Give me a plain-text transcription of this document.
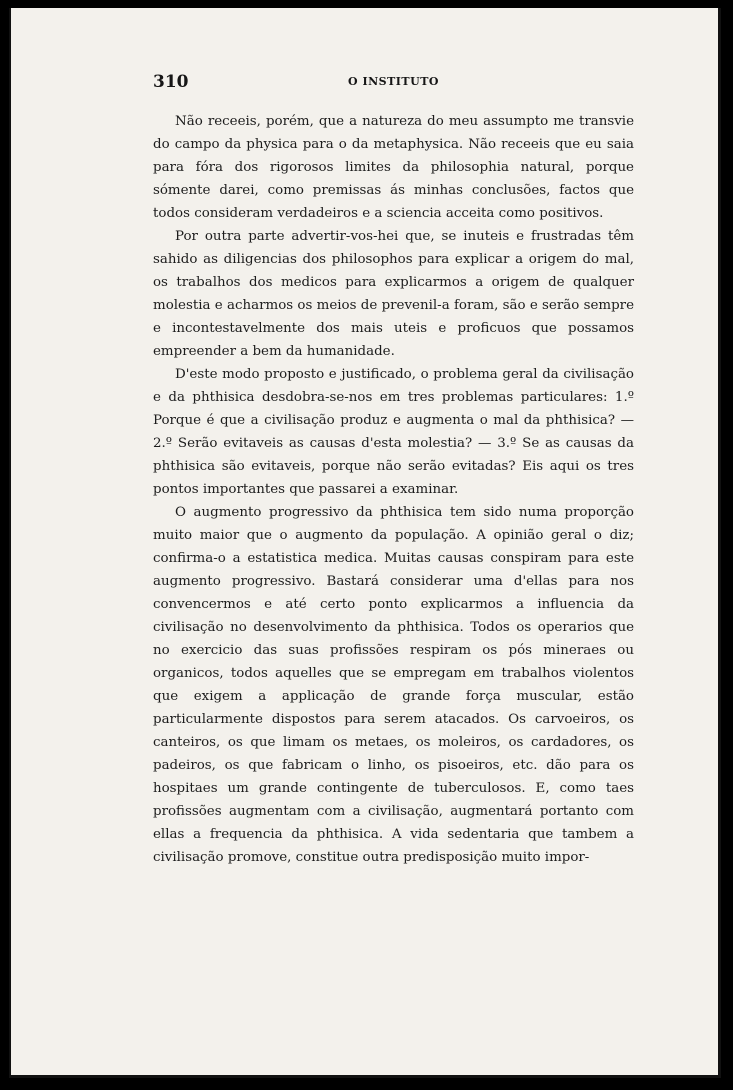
310	O INSTITUTO

Não receeis, porém, que a natureza do meu assumpto me transvie do campo da physica para o da metaphysica. Não receeis que eu saia para fóra dos rigorosos limites da philosophia natural, porque sómente darei, como premissas ás minhas conclusões, factos que todos consideram verdadeiros e a sciencia acceita como positivos.

Por outra parte advertir-vos-hei que, se inuteis e frustradas têm sahido as diligencias dos philosophos para explicar a origem do mal, os trabalhos dos medicos para explicarmos a origem de qualquer molestia e acharmos os meios de prevenil-a foram, são e serão sempre e incontestavelmente dos mais uteis e proficuos que possamos empreender a bem da humanidade.

D'este modo proposto e justificado, o problema geral da civilisação e da phthisica desdobra-se-nos em tres problemas particulares: 1.º Porque é que a civilisação produz e augmenta o mal da phthisica? — 2.º Serão evitaveis as causas d'esta molestia? — 3.º Se as causas da phthisica são evitaveis, porque não serão evitadas? Eis aqui os tres pontos importantes que passarei a examinar.

O augmento progressivo da phthisica tem sido numa proporção muito maior que o augmento da população. A opinião geral o diz; confirma-o a estatistica medica. Muitas causas conspiram para este augmento progressivo. Bastará considerar uma d'ellas para nos convencermos e até certo ponto explicarmos a influencia da civilisação no desenvolvimento da phthisica. Todos os operarios que no exercicio das suas profissões respiram os pós mineraes ou organicos, todos aquelles que se empregam em trabalhos violentos que exigem a applicação de grande força muscular, estão particularmente dispostos para serem atacados. Os carvoeiros, os canteiros, os que limam os metaes, os moleiros, os cardadores, os padeiros, os que fabricam o linho, os pisoeiros, etc. dão para os hospitaes um grande contingente de tuberculosos. E, como taes profissões augmentam com a civilisação, augmentará portanto com ellas a frequencia da phthisica. A vida sedentaria que tambem a civilisação promove, constitue outra predisposição muito impor-
